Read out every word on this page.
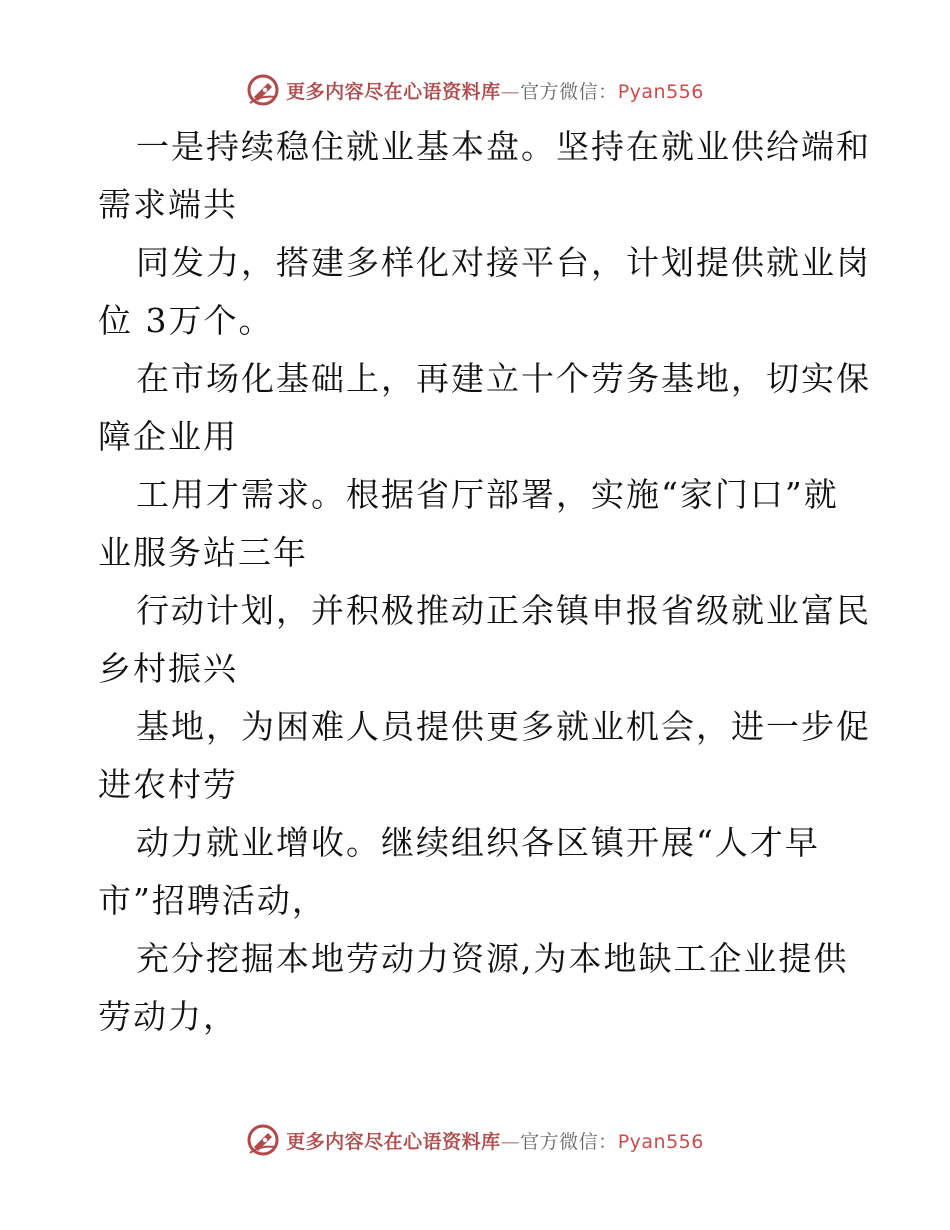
更多内容尽在心语资料库—官方微信：Pyan556
一是持续稳住就业基本盘。坚持在就业供给端和
需求端共
同发力，搭建多样化对接平台，计划提供就业岗
位 3万个。
在市场化基础上，再建立十个劳务基地，切实保
障企业用
工用才需求。根据省厅部署，实施“家门口”就
业服务站三年
行动计划，并积极推动正余镇申报省级就业富民
乡村振兴
基地，为困难人员提供更多就业机会，进一步促
进农村劳
动力就业增收。继续组织各区镇开展“人才早
市”招聘活动，
充分挖掘本地劳动力资源,为本地缺工企业提供
劳动力，
更多内容尽在心语资料库—官方微信：Pyan556
